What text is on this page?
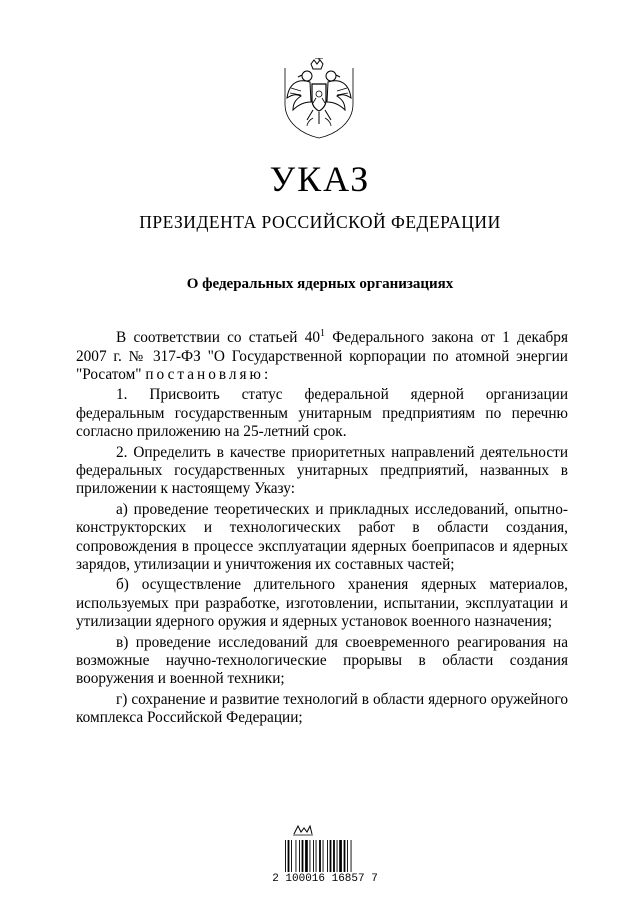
УКАЗ
ПРЕЗИДЕНТА РОССИЙСКОЙ ФЕДЕРАЦИИ
О федеральных ядерных организациях

В соответствии со статьей $40^1$ Федерального закона от 1 декабря 2007 г. № 317-ФЗ "О Государственной корпорации по атомной энергии "Росатом" постановляю:

1. Присвоить статус федеральной ядерной организации федеральным государственным унитарным предприятиям по перечню согласно приложению на 25-летний срок.

2. Определить в качестве приоритетных направлений деятельности федеральных государственных унитарных предприятий, названных в приложении к настоящему Указу:

а) проведение теоретических и прикладных исследований, опытно-конструкторских и технологических работ в области создания, сопровождения в процессе эксплуатации ядерных боеприпасов и ядерных зарядов, утилизации и уничтожения их составных частей;

б) осуществление длительного хранения ядерных материалов, используемых при разработке, изготовлении, испытании, эксплуатации и утилизации ядерного оружия и ядерных установок военного назначения;

в) проведение исследований для своевременного реагирования на возможные научно-технологические прорывы в области создания вооружения и военной техники;

г) сохранение и развитие технологий в области ядерного оружейного комплекса Российской Федерации;

2 100016 16857 7
